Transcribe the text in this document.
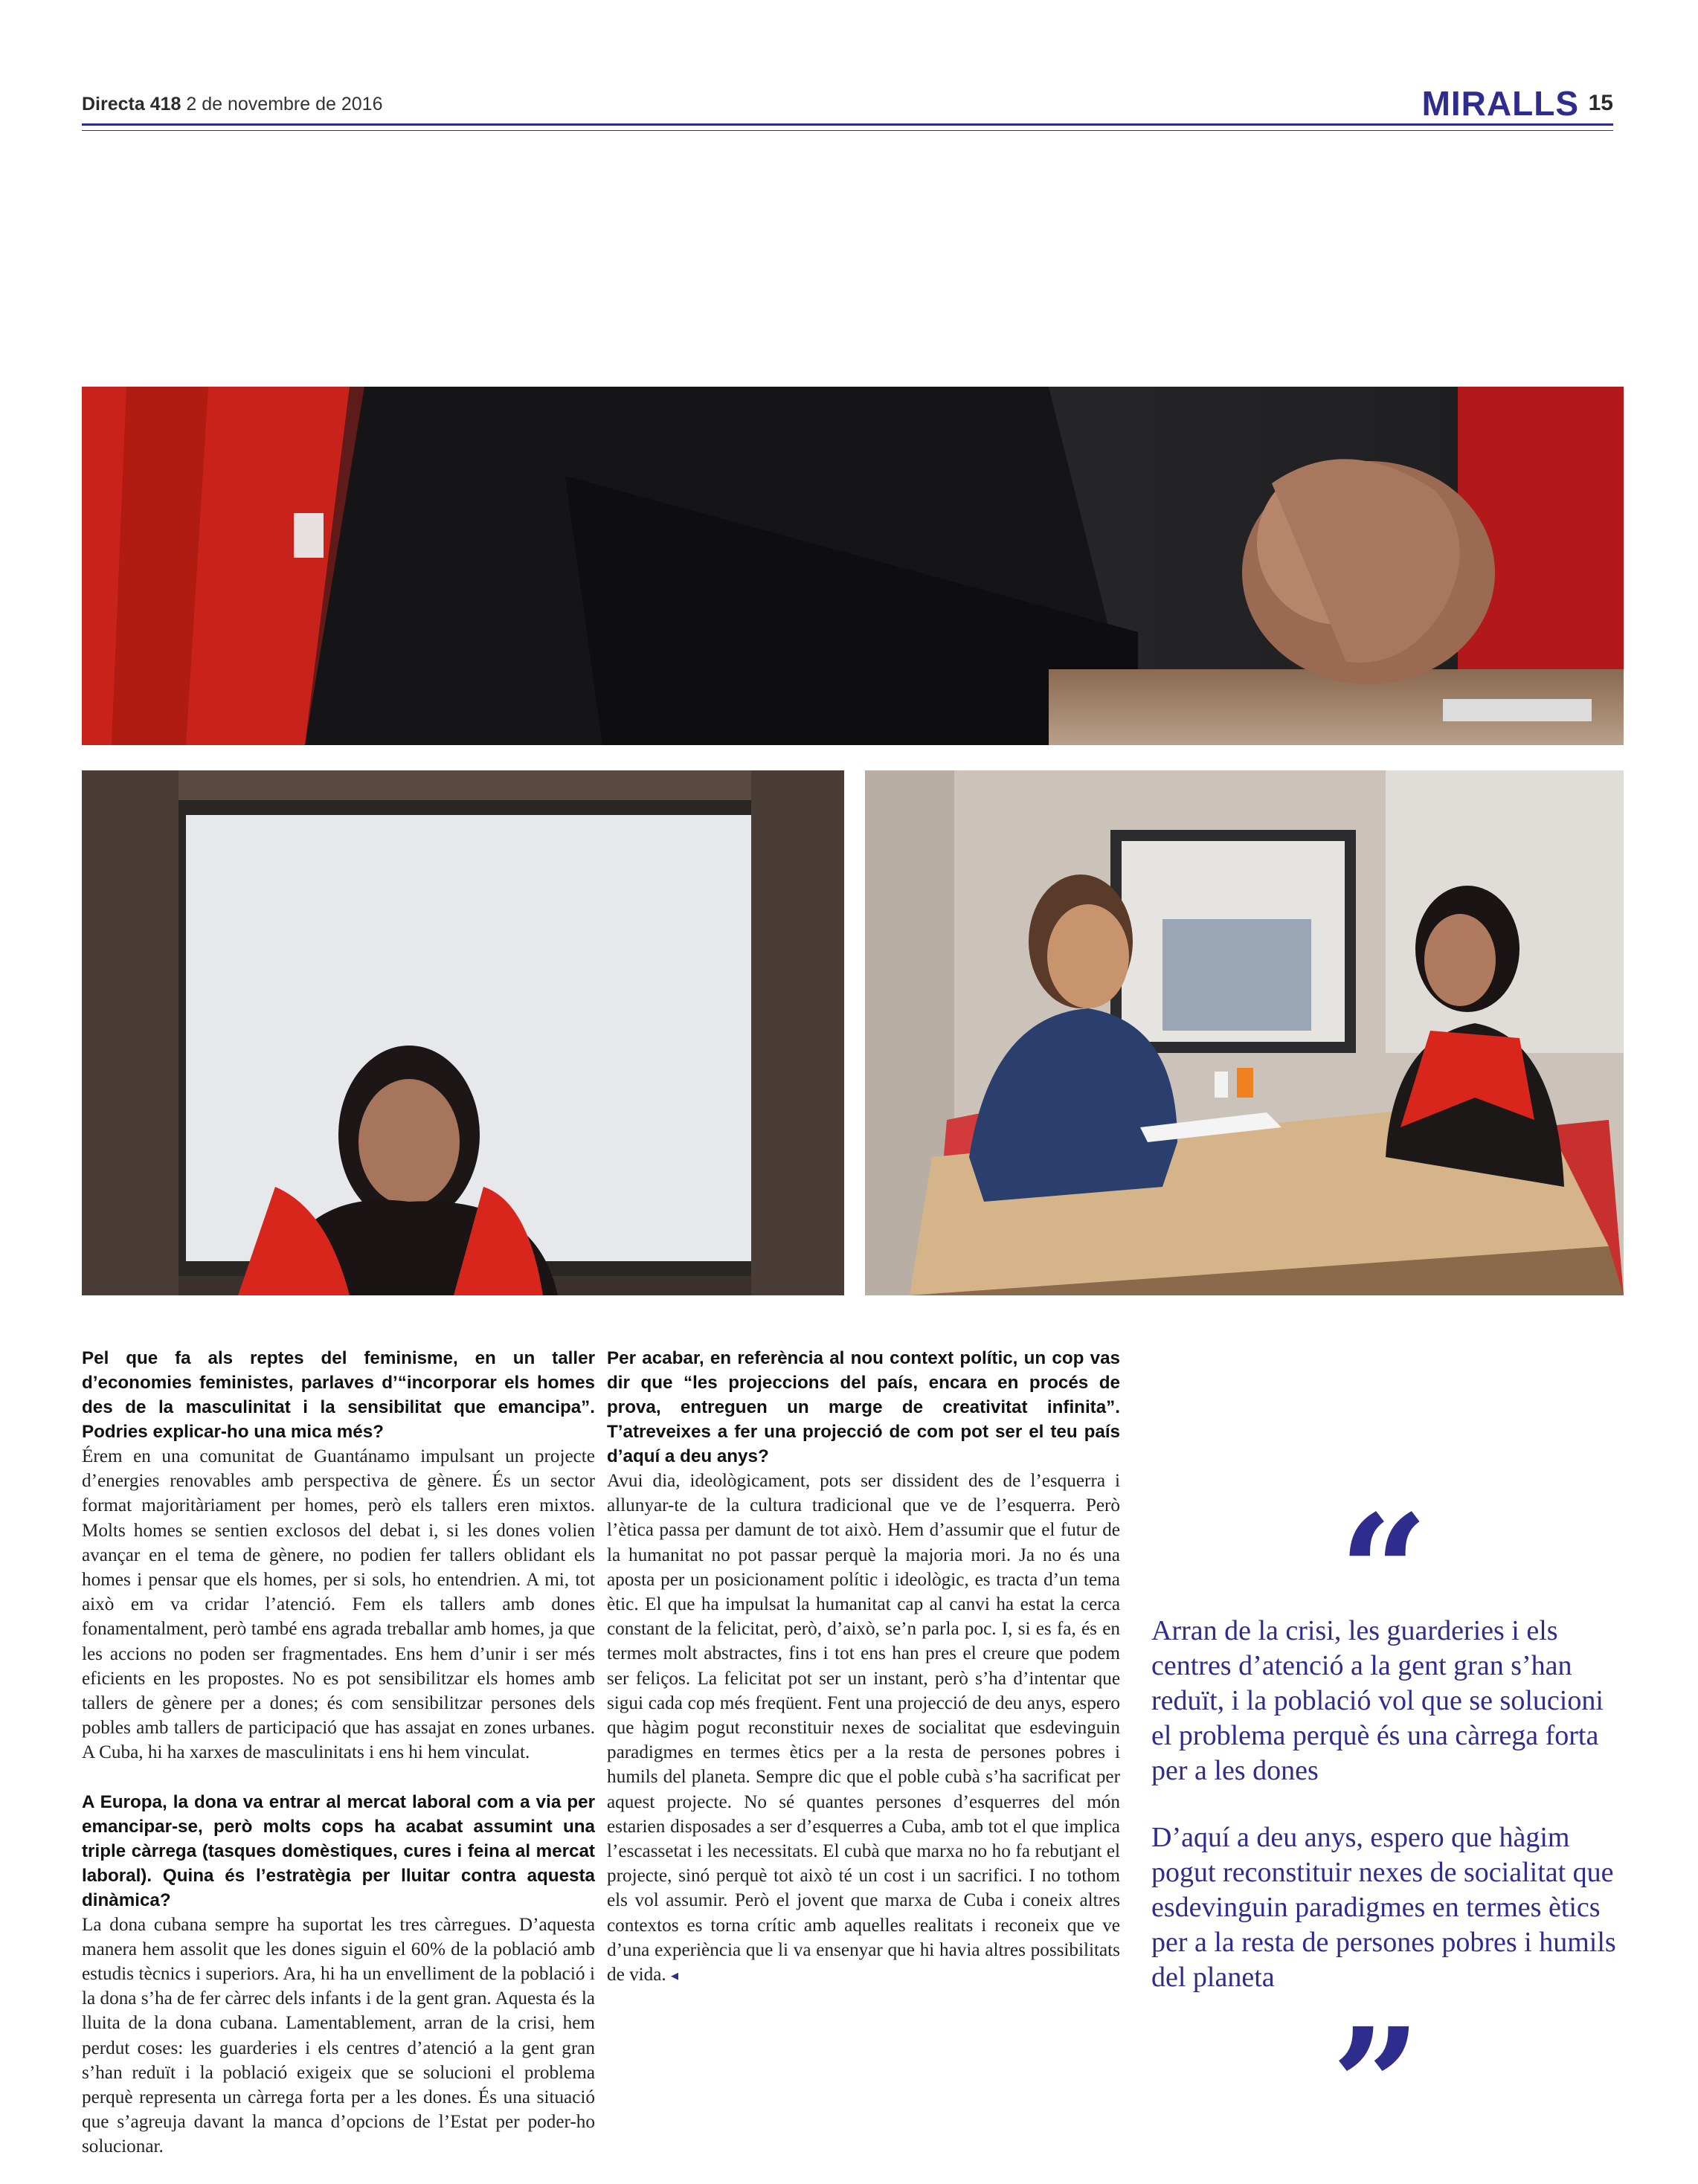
Directa 418 2 de novembre de 2016	MIRALLS 15

Pel que fa als reptes del feminisme, en un taller d’economies feministes, parlaves d’“incorporar els homes des de la masculinitat i la sensibilitat que emancipa”. Podries explicar-ho una mica més?

Érem en una comunitat de Guantánamo impulsant un projecte d’energies renovables amb perspectiva de gènere. És un sector format majoritàriament per homes, però els tallers eren mixtos. Molts homes se sentien exclosos del debat i, si les dones volien avançar en el tema de gènere, no podien fer tallers oblidant els homes i pensar que els homes, per si sols, ho entendrien. A mi, tot això em va cridar l’atenció. Fem els tallers amb dones fonamentalment, però també ens agrada treballar amb homes, ja que les accions no poden ser fragmentades. Ens hem d’unir i ser més eficients en les propostes. No es pot sensibilitzar els homes amb tallers de gènere per a dones; és com sensibilitzar persones dels pobles amb tallers de participació que has assajat en zones urbanes. A Cuba, hi ha xarxes de masculinitats i ens hi hem vinculat.

A Europa, la dona va entrar al mercat laboral com a via per emancipar-se, però molts cops ha acabat assumint una triple càrrega (tasques domèstiques, cures i feina al mercat laboral). Quina és l’estratègia per lluitar contra aquesta dinàmica?

La dona cubana sempre ha suportat les tres càrregues. D’aquesta manera hem assolit que les dones siguin el 60% de la població amb estudis tècnics i superiors. Ara, hi ha un envelliment de la població i la dona s’ha de fer càrrec dels infants i de la gent gran. Aquesta és la lluita de la dona cubana. Lamentablement, arran de la crisi, hem perdut coses: les guarderies i els centres d’atenció a la gent gran s’han reduït i la població exigeix que se solucioni el problema perquè representa un càrrega forta per a les dones. És una situació que s’agreuja davant la manca d’opcions de l’Estat per poder-ho solucionar.

Per acabar, en referència al nou context polític, un cop vas dir que “les projeccions del país, encara en procés de prova, entreguen un marge de creativitat infinita”. T’atreveixes a fer una projecció de com pot ser el teu país d’aquí a deu anys?

Avui dia, ideològicament, pots ser dissident des de l’esquerra i allunyar-te de la cultura tradicional que ve de l’esquerra. Però l’ètica passa per damunt de tot això. Hem d’assumir que el futur de la humanitat no pot passar perquè la majoria mori. Ja no és una aposta per un posicionament polític i ideològic, es tracta d’un tema ètic. El que ha impulsat la humanitat cap al canvi ha estat la cerca constant de la felicitat, però, d’això, se’n parla poc. I, si es fa, és en termes molt abstractes, fins i tot ens han pres el creure que podem ser feliços. La felicitat pot ser un instant, però s’ha d’intentar que sigui cada cop més freqüent. Fent una projecció de deu anys, espero que hàgim pogut reconstituir nexes de socialitat que esdevinguin paradigmes en termes ètics per a la resta de persones pobres i humils del planeta. Sempre dic que el poble cubà s’ha sacrificat per aquest projecte. No sé quantes persones d’esquerres del món estarien disposades a ser d’esquerres a Cuba, amb tot el que implica l’escassetat i les necessitats. El cubà que marxa no ho fa rebutjant el projecte, sinó perquè tot això té un cost i un sacrifici. I no tothom els vol assumir. Però el jovent que marxa de Cuba i coneix altres contextos es torna crític amb aquelles realitats i reconeix que ve d’una experiència que li va ensenyar que hi havia altres possibilitats de vida. ◂

“

Arran de la crisi, les guarderies i els centres d’atenció a la gent gran s’han reduït, i la població vol que se solucioni el problema perquè és una càrrega forta per a les dones

D’aquí a deu anys, espero que hàgim pogut reconstituir nexes de socialitat que esdevinguin paradigmes en termes ètics per a la resta de persones pobres i humils del planeta

”
